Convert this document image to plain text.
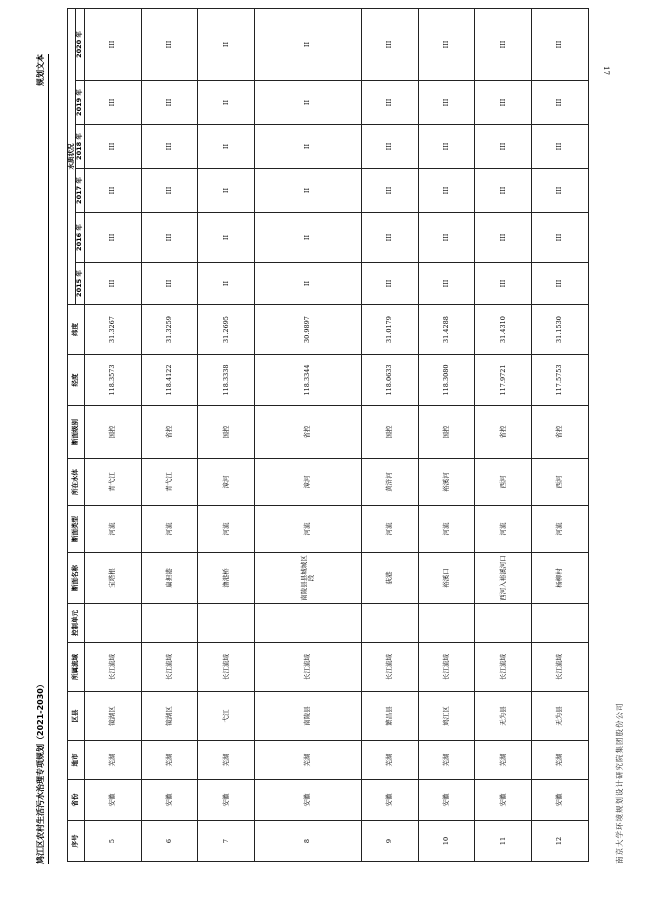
17
鸠江区农村生活污水治理专项规划（2021-2030）
规划文本
序号	省份	地市	区县	所属流域	控制单元	断面名称	断面类型	所在水体	断面级别	经度	纬度	水质状况					
												2015 年	2016 年	2017 年	2018 年	2019 年	2020 年
5	安徽	芜湖	镜湖区	长江流域		宝塔根	河流	青弋江	国控	118.3573	31.3267	III	III	III	III	III	III
6	安徽	芜湖	镜湖区	长江流域		扁担港	河流	青弋江	省控	118.4122	31.3259	III	III	III	III	III	III
7	安徽	芜湖	弋江	长江流域		澛港桥	河流	漳河	国控	118.3338	31.2695	II	II	II	II	II	II
8	安徽	芜湖	南陵县	长江流域		南陵县县城城区段	河流	漳河	省控	118.3344	30.9897	II	II	II	II	II	II
9	安徽	芜湖	繁昌县	长江流域		荻港	河流	黄浒河	国控	118.0633	31.0179	III	III	III	III	III	III
10	安徽	芜湖	鸠江区	长江流域		裕溪口	河流	裕溪河	国控	118.3080	31.4288	III	III	III	III	III	III
11	安徽	芜湖	无为县	长江流域		西河入裕溪河口	河流	西河	省控	117.9721	31.4310	III	III	III	III	III	III
12	安徽	芜湖	无为县	长江流域		杨柳村	河流	西河	省控	117.5753	31.1530	III	III	III	III	III	III
南京大学环境规划设计研究院集团股份公司
